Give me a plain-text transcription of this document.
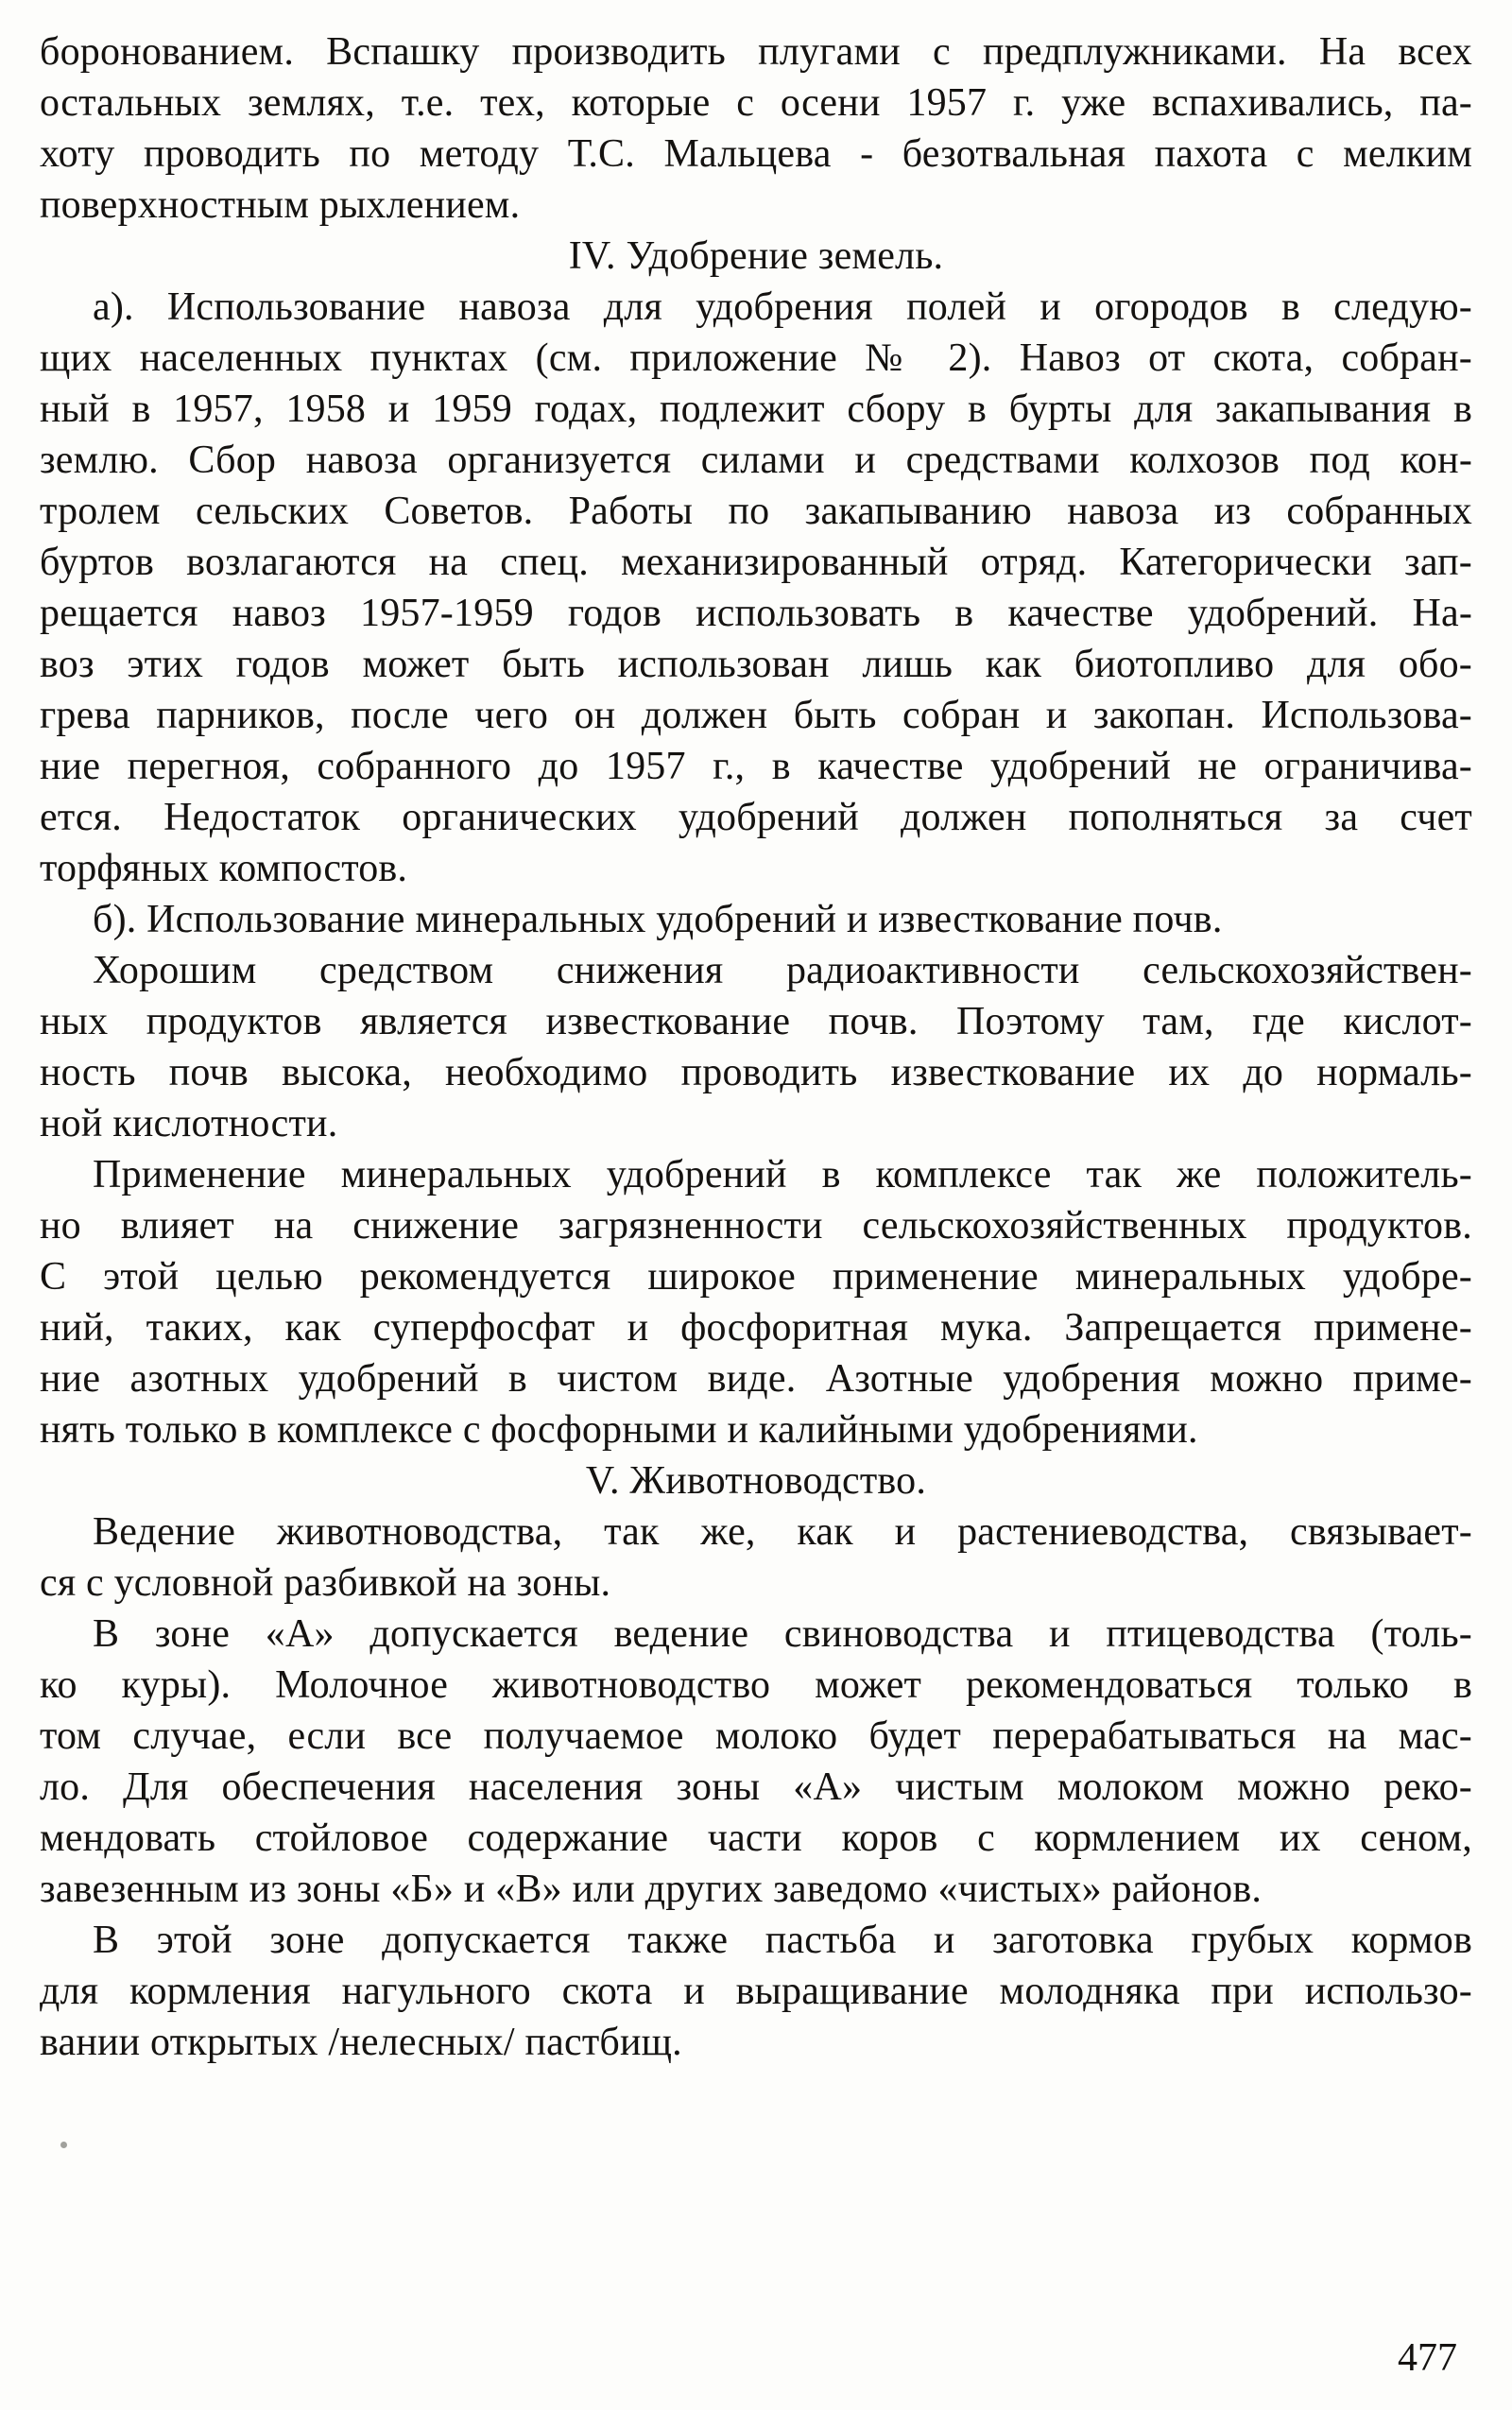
боронованием. Вспашку производить плугами с предплужниками. На всех
остальных землях, т.е. тех, которые с осени 1957 г. уже вспахивались, па-
хоту проводить по методу Т.С. Мальцева - безотвальная пахота с мелким
поверхностным рыхлением.
IV. Удобрение земель.
а). Использование навоза для удобрения полей и огородов в следую-
щих населенных пунктах (см. приложение № 2). Навоз от скота, собран-
ный в 1957, 1958 и 1959 годах, подлежит сбору в бурты для закапывания в
землю. Сбор навоза организуется силами и средствами колхозов под кон-
тролем сельских Советов. Работы по закапыванию навоза из собранных
буртов возлагаются на спец. механизированный отряд. Категорически зап-
рещается навоз 1957-1959 годов использовать в качестве удобрений. На-
воз этих годов может быть использован лишь как биотопливо для обо-
грева парников, после чего он должен быть собран и закопан. Использова-
ние перегноя, собранного до 1957 г., в качестве удобрений не ограничива-
ется. Недостаток органических удобрений должен пополняться за счет
торфяных компостов.
б). Использование минеральных удобрений и известкование почв.
Хорошим средством снижения радиоактивности сельскохозяйствен-
ных продуктов является известкование почв. Поэтому там, где кислот-
ность почв высока, необходимо проводить известкование их до нормаль-
ной кислотности.
Применение минеральных удобрений в комплексе так же положитель-
но влияет на снижение загрязненности сельскохозяйственных продуктов.
С этой целью рекомендуется широкое применение минеральных удобре-
ний, таких, как суперфосфат и фосфоритная мука. Запрещается примене-
ние азотных удобрений в чистом виде. Азотные удобрения можно приме-
нять только в комплексе с фосфорными и калийными удобрениями.
V. Животноводство.
Ведение животноводства, так же, как и растениеводства, связывает-
ся с условной разбивкой на зоны.
В зоне «А» допускается ведение свиноводства и птицеводства (толь-
ко куры). Молочное животноводство может рекомендоваться только в
том случае, если все получаемое молоко будет перерабатываться на мас-
ло. Для обеспечения населения зоны «А» чистым молоком можно реко-
мендовать стойловое содержание части коров с кормлением их сеном,
завезенным из зоны «Б» и «В» или других заведомо «чистых» районов.
В этой зоне допускается также пастьба и заготовка грубых кормов
для кормления нагульного скота и выращивание молодняка при использо-
вании открытых /нелесных/ пастбищ.
477
